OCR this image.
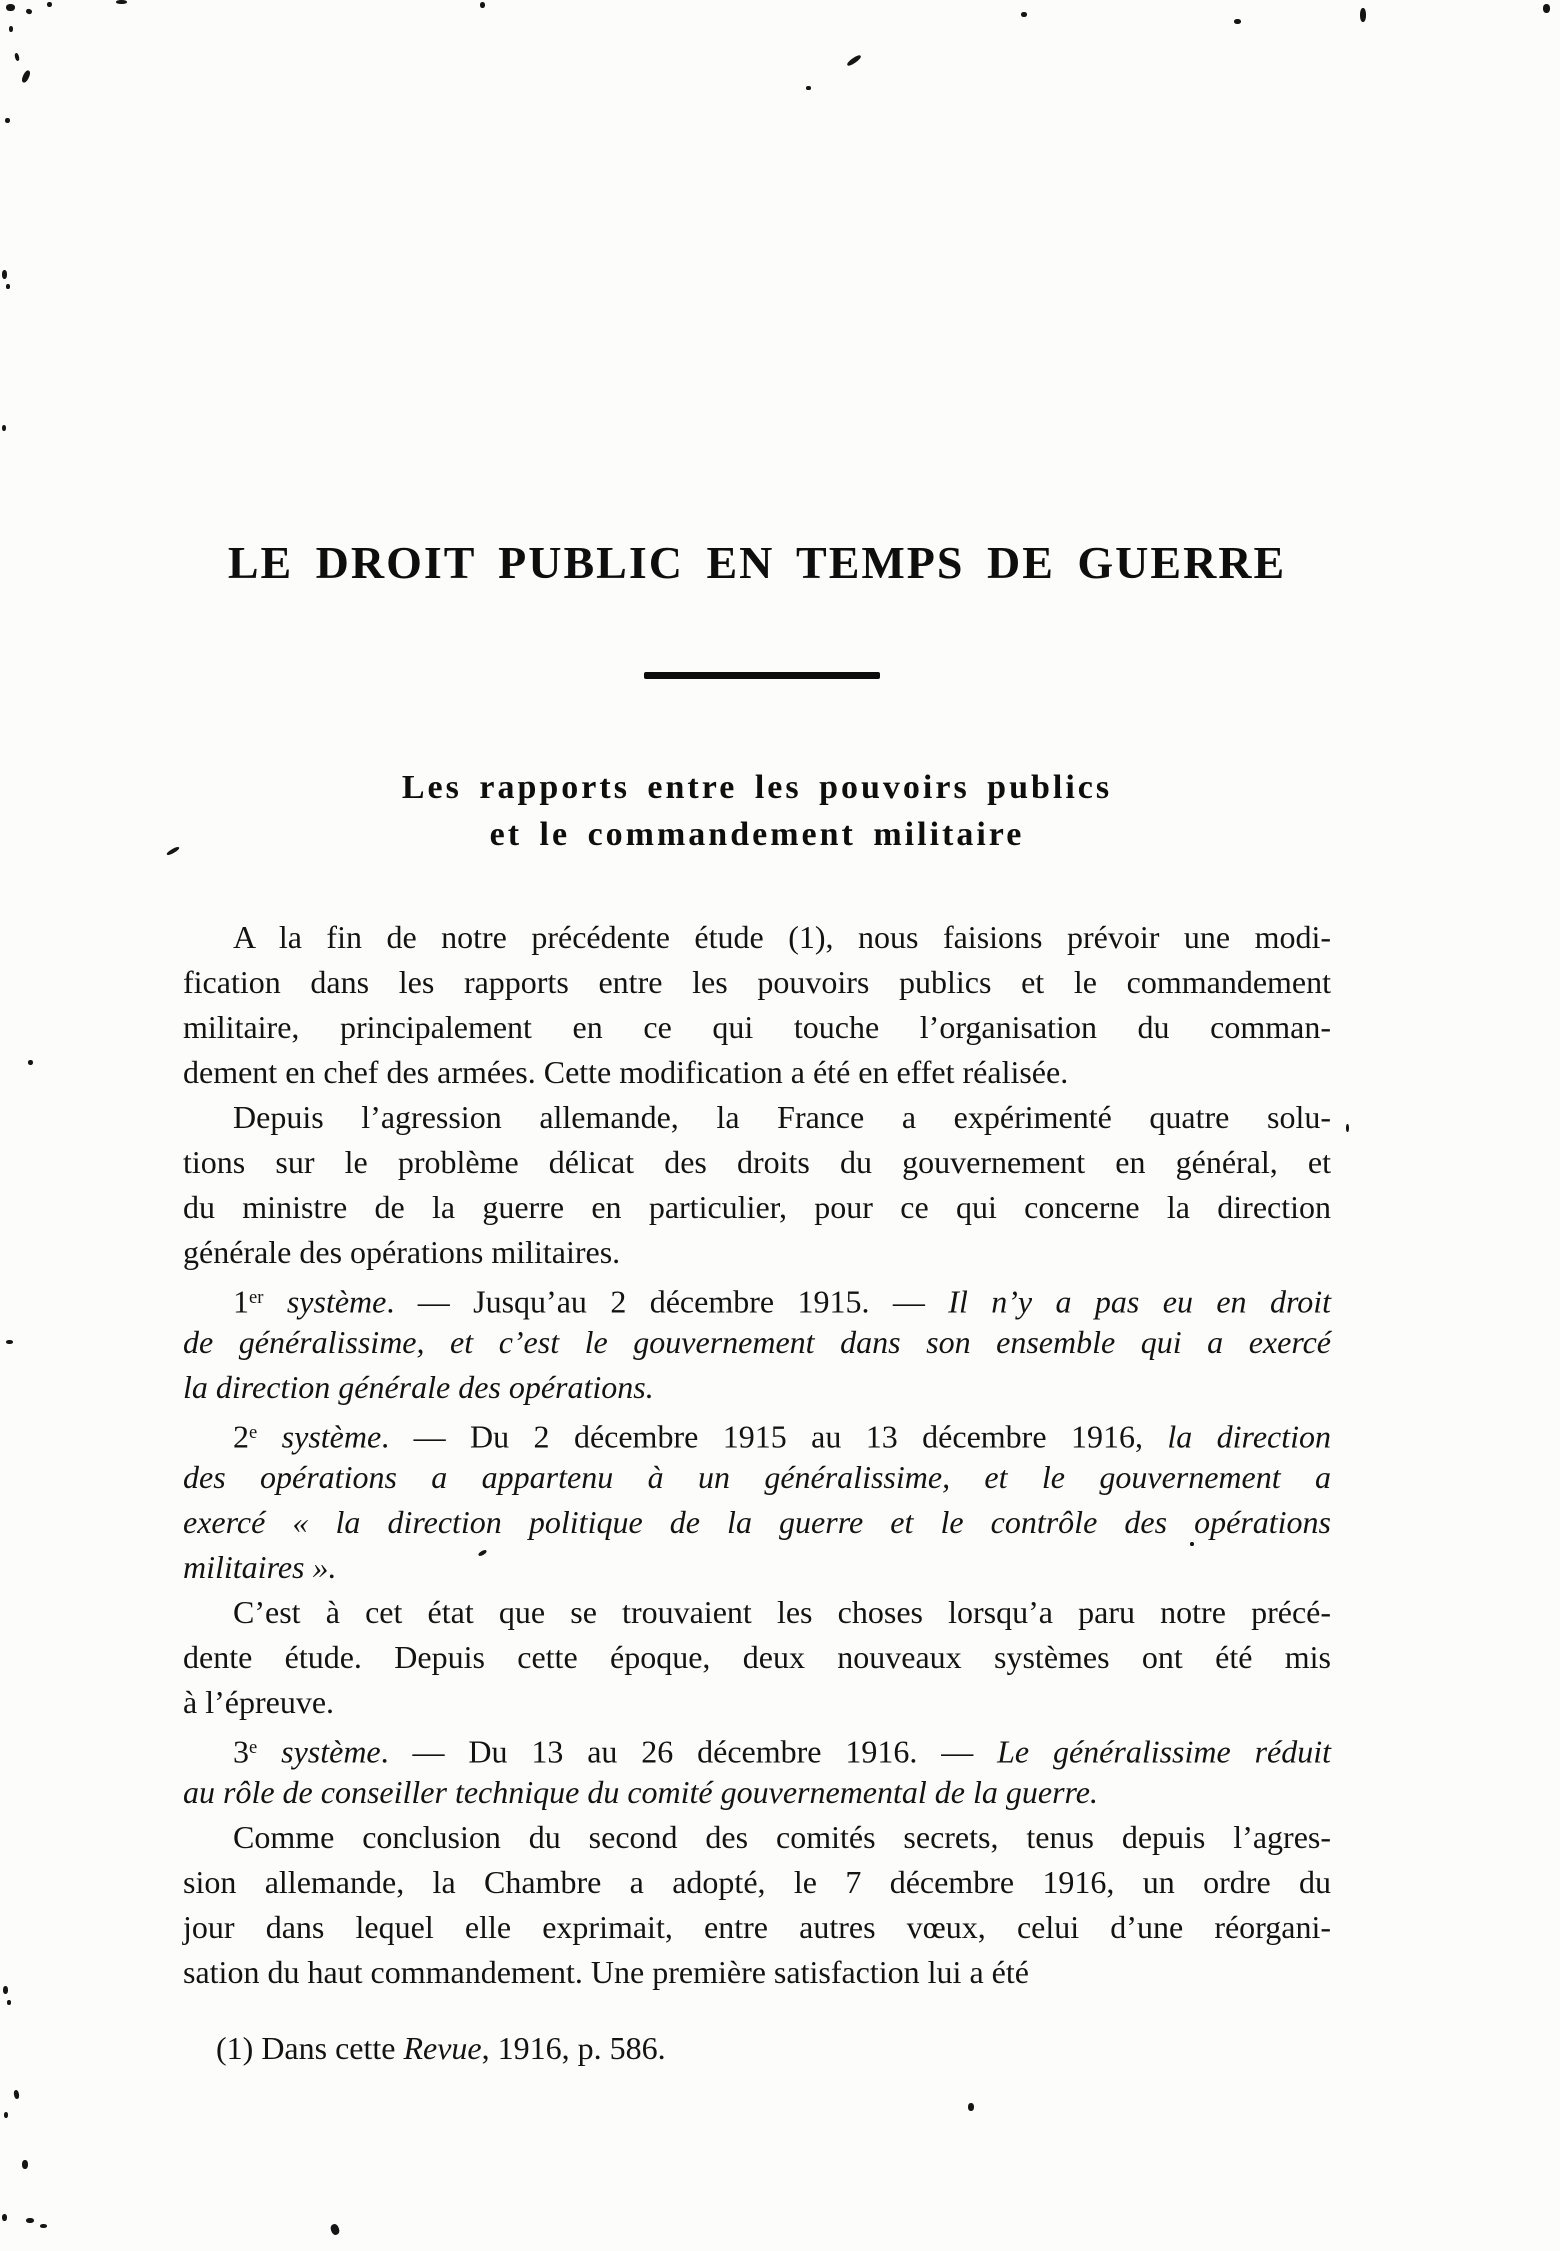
LE DROIT PUBLIC EN TEMPS DE GUERRE
Les rapports entre les pouvoirs publics
et le commandement militaire
A la fin de notre précédente étude (1), nous faisions prévoir une modi-
fication dans les rapports entre les pouvoirs publics et le commandement
militaire, principalement en ce qui touche l’organisation du comman-
dement en chef des armées. Cette modification a été en effet réalisée.
Depuis l’agression allemande, la France a expérimenté quatre solu-
tions sur le problème délicat des droits du gouvernement en général, et
du ministre de la guerre en particulier, pour ce qui concerne la direction
générale des opérations militaires.
1er système. — Jusqu’au 2 décembre 1915. — Il n’y a pas eu en droit
de généralissime, et c’est le gouvernement dans son ensemble qui a exercé
la direction générale des opérations.
2e système. — Du 2 décembre 1915 au 13 décembre 1916, la direction
des opérations a appartenu à un généralissime, et le gouvernement a
exercé « la direction politique de la guerre et le contrôle des opérations
militaires ».
C’est à cet état que se trouvaient les choses lorsqu’a paru notre précé-
dente étude. Depuis cette époque, deux nouveaux systèmes ont été mis
à l’épreuve.
3e système. — Du 13 au 26 décembre 1916. — Le généralissime réduit
au rôle de conseiller technique du comité gouvernemental de la guerre.
Comme conclusion du second des comités secrets, tenus depuis l’agres-
sion allemande, la Chambre a adopté, le 7 décembre 1916, un ordre du
jour dans lequel elle exprimait, entre autres vœux, celui d’une réorgani-
sation du haut commandement. Une première satisfaction lui a été
(1) Dans cette Revue, 1916, p. 586.
